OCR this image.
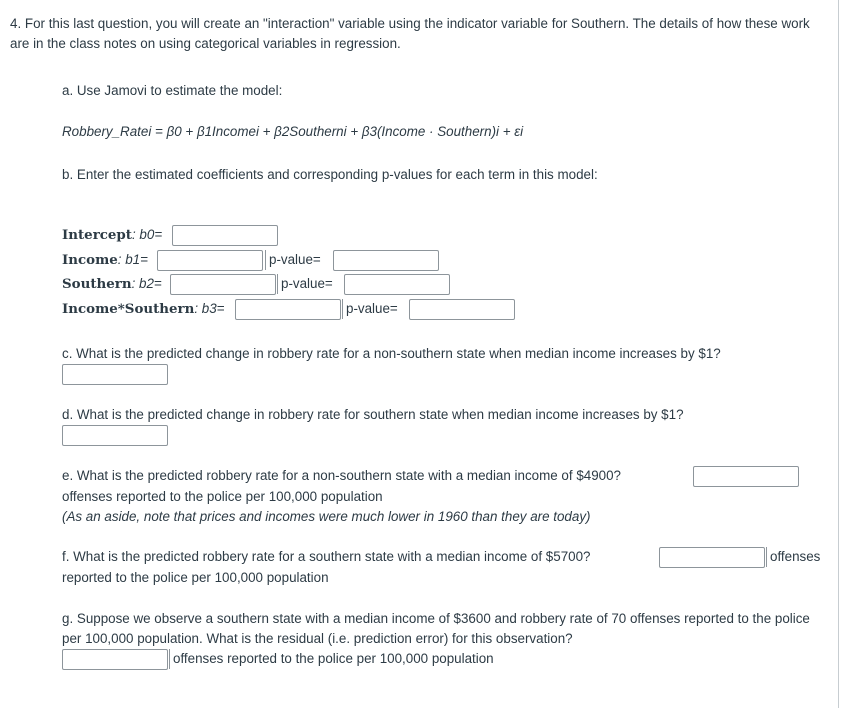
4. For this last question, you will create an "interaction" variable using the indicator variable for Southern. The details of how these work are in the class notes on using categorical variables in regression.
a. Use Jamovi to estimate the model:
Robbery_Ratei = β0 + β1Incomei + β2Southerni + β3(Income · Southern)i + εi
b. Enter the estimated coefficients and corresponding p-values for each term in this model:
Intercept: b0=
Income: b1=	p-value=
Southern: b2=	p-value=
Income*Southern: b3=	p-value=
c. What is the predicted change in robbery rate for a non-southern state when median income increases by $1?
d. What is the predicted change in robbery rate for southern state when median income increases by $1?
e. What is the predicted robbery rate for a non-southern state with a median income of $4900?
offenses reported to the police per 100,000 population
(As an aside, note that prices and incomes were much lower in 1960 than they are today)
f. What is the predicted robbery rate for a southern state with a median income of $5700?	offenses
reported to the police per 100,000 population
g. Suppose we observe a southern state with a median income of $3600 and robbery rate of 70 offenses reported to the police per 100,000 population. What is the residual (i.e. prediction error) for this observation?
offenses reported to the police per 100,000 population
